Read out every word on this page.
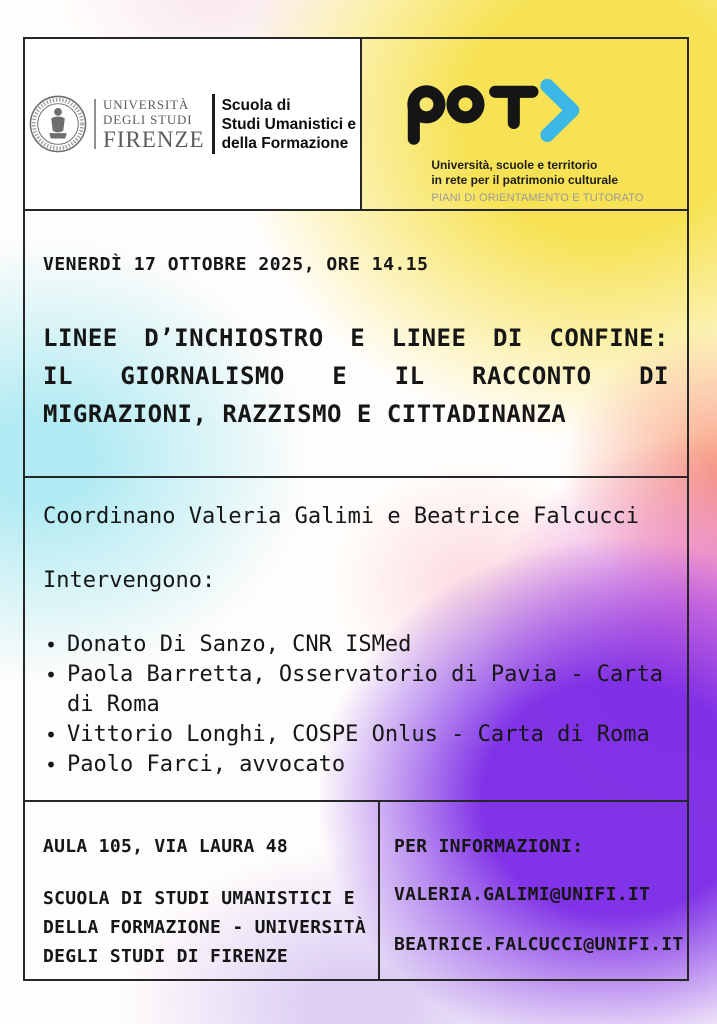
UNIVERSITÀ
DEGLI STUDI
FIRENZE
Scuola di
Studi Umanistici e
della Formazione
Università, scuole e territorio
in rete per il patrimonio culturale
PIANI DI ORIENTAMENTO E TUTORATO
VENERDÌ 17 OTTOBRE 2025, ORE 14.15
LINEE D’INCHIOSTRO E LINEE DI CONFINE:
IL GIORNALISMO E IL RACCONTO DI
MIGRAZIONI, RAZZISMO E CITTADINANZA
Coordinano Valeria Galimi e Beatrice Falcucci
Intervengono:
• Donato Di Sanzo, CNR ISMed
• Paola Barretta, Osservatorio di Pavia - Carta di Roma
• Vittorio Longhi, COSPE Onlus - Carta di Roma
• Paolo Farci, avvocato
AULA 105, VIA LAURA 48
SCUOLA DI STUDI UMANISTICI E DELLA FORMAZIONE - UNIVERSITÀ DEGLI STUDI DI FIRENZE
PER INFORMAZIONI:
VALERIA.GALIMI@UNIFI.IT
BEATRICE.FALCUCCI@UNIFI.IT
